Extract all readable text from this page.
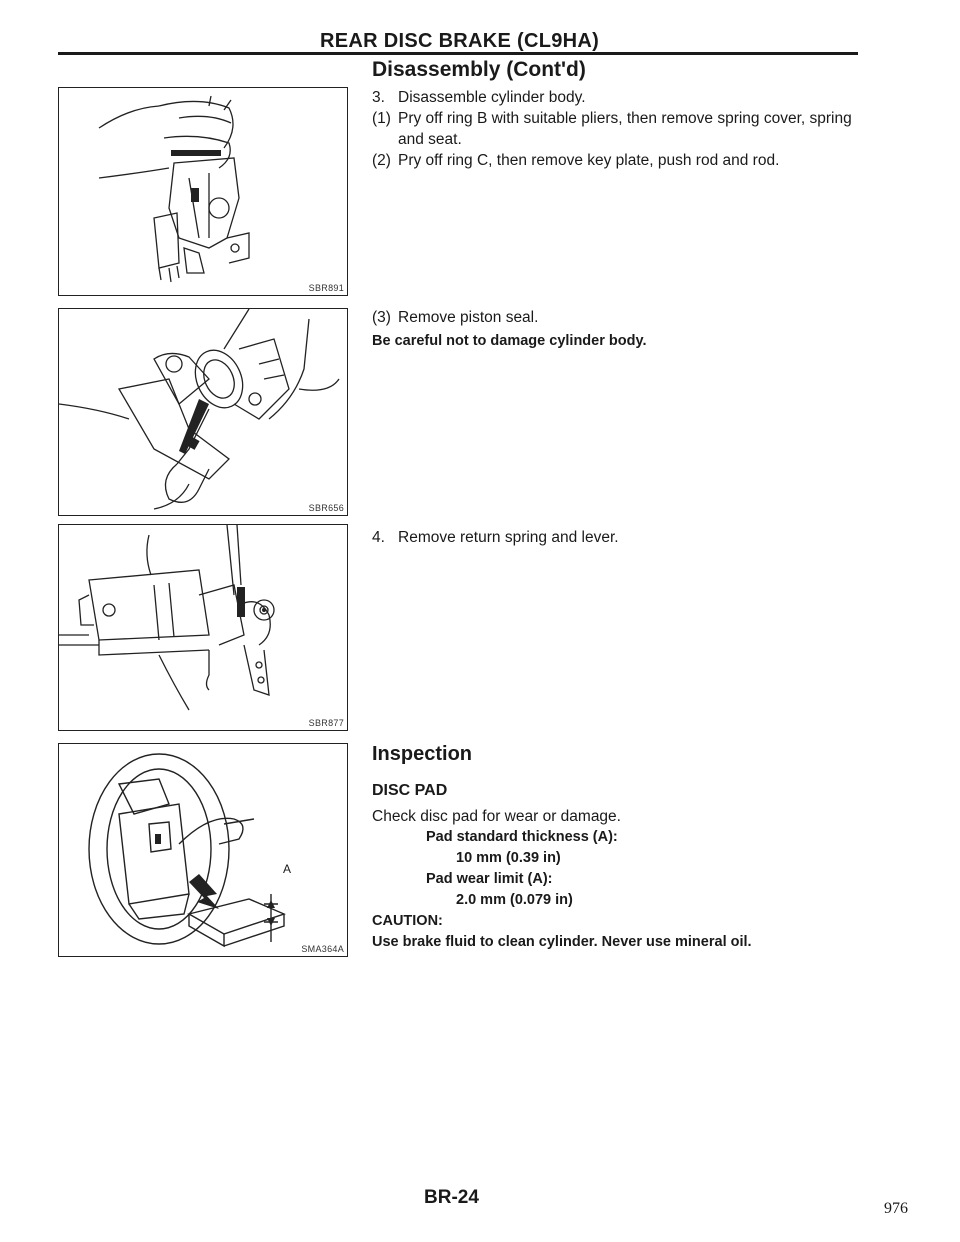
REAR DISC BRAKE (CL9HA)
Disassembly (Cont'd)
SBR891
SBR656
SBR877
A
SMA364A
3. Disassemble cylinder body.
(1) Pry off ring B with suitable pliers, then remove spring cover, spring and seat.
(2) Pry off ring C, then remove key plate, push rod and rod.
(3) Remove piston seal.
Be careful not to damage cylinder body.
4. Remove return spring and lever.
Inspection
DISC PAD
Check disc pad for wear or damage.
Pad standard thickness (A):
10 mm (0.39 in)
Pad wear limit (A):
2.0 mm (0.079 in)
CAUTION:
Use brake fluid to clean cylinder. Never use mineral oil.
BR-24
976
